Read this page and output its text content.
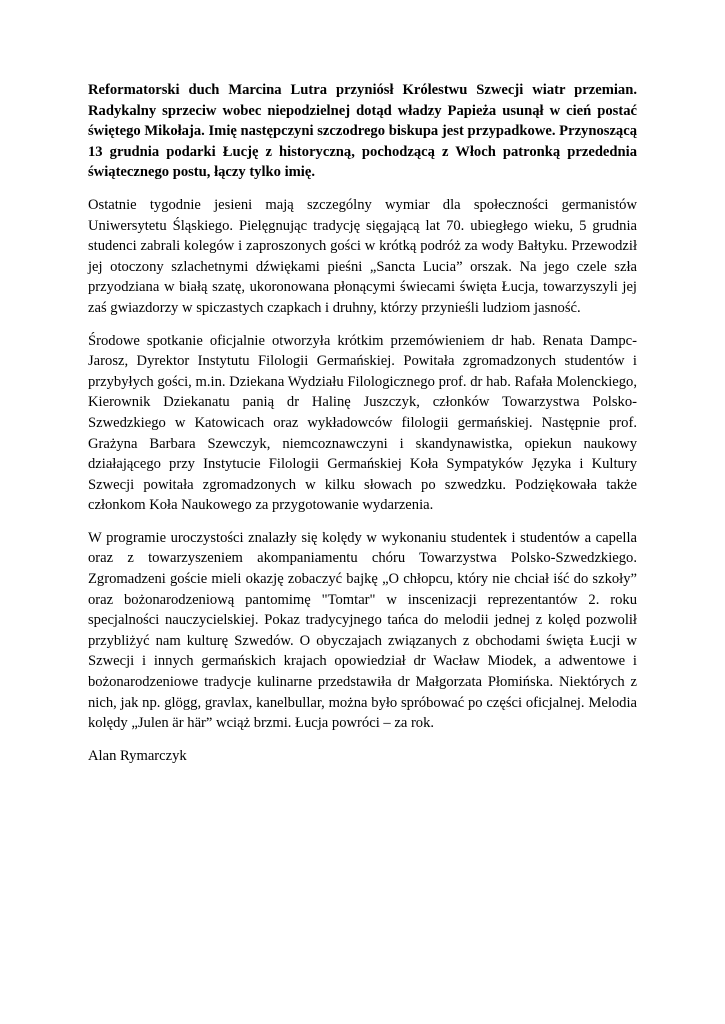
Reformatorski duch Marcina Lutra przyniósł Królestwu Szwecji wiatr przemian. Radykalny sprzeciw wobec niepodzielnej dotąd władzy Papieża usunął w cień postać świętego Mikołaja. Imię następczyni szczodrego biskupa jest przypadkowe. Przynoszącą 13 grudnia podarki Łucję z historyczną, pochodzącą z Włoch patronką przedednia świątecznego postu, łączy tylko imię.

Ostatnie tygodnie jesieni mają szczególny wymiar dla społeczności germanistów Uniwersytetu Śląskiego. Pielęgnując tradycję sięgającą lat 70. ubiegłego wieku, 5 grudnia studenci zabrali kolegów i zaproszonych gości w krótką podróż za wody Bałtyku. Przewodził jej otoczony szlachetnymi dźwiękami pieśni „Sancta Lucia” orszak. Na jego czele szła przyodziana w białą szatę, ukoronowana płonącymi świecami święta Łucja, towarzyszyli jej zaś gwiazdorzy w spiczastych czapkach i druhny, którzy przynieśli ludziom jasność.

Środowe spotkanie oficjalnie otworzyła krótkim przemówieniem dr hab. Renata Dampc-Jarosz, Dyrektor Instytutu Filologii Germańskiej. Powitała zgromadzonych studentów i przybyłych gości, m.in. Dziekana Wydziału Filologicznego prof. dr hab. Rafała Molenckiego, Kierownik Dziekanatu panią dr Halinę Juszczyk, członków Towarzystwa Polsko-Szwedzkiego w Katowicach oraz wykładowców filologii germańskiej. Następnie prof. Grażyna Barbara Szewczyk, niemcoznawczyni i skandynawistka, opiekun naukowy działającego przy Instytucie Filologii Germańskiej Koła Sympatyków Języka i Kultury Szwecji powitała zgromadzonych w kilku słowach po szwedzku. Podziękowała także członkom Koła Naukowego za przygotowanie wydarzenia.

W programie uroczystości znalazły się kolędy w wykonaniu studentek i studentów a capella oraz z towarzyszeniem akompaniamentu chóru Towarzystwa Polsko-Szwedzkiego. Zgromadzeni goście mieli okazję zobaczyć bajkę „O chłopcu, który nie chciał iść do szkoły” oraz bożonarodzeniową pantomimę "Tomtar" w inscenizacji reprezentantów 2. roku specjalności nauczycielskiej. Pokaz tradycyjnego tańca do melodii jednej z kolęd pozwolił przybliżyć nam kulturę Szwedów. O obyczajach związanych z obchodami święta Łucji w Szwecji i innych germańskich krajach opowiedział dr Wacław Miodek, a adwentowe i bożonarodzeniowe tradycje kulinarne przedstawiła dr Małgorzata Płomińska. Niektórych z nich, jak np. glögg, gravlax, kanelbullar, można było spróbować po części oficjalnej. Melodia kolędy „Julen är här” wciąż brzmi. Łucja powróci – za rok.

Alan Rymarczyk
